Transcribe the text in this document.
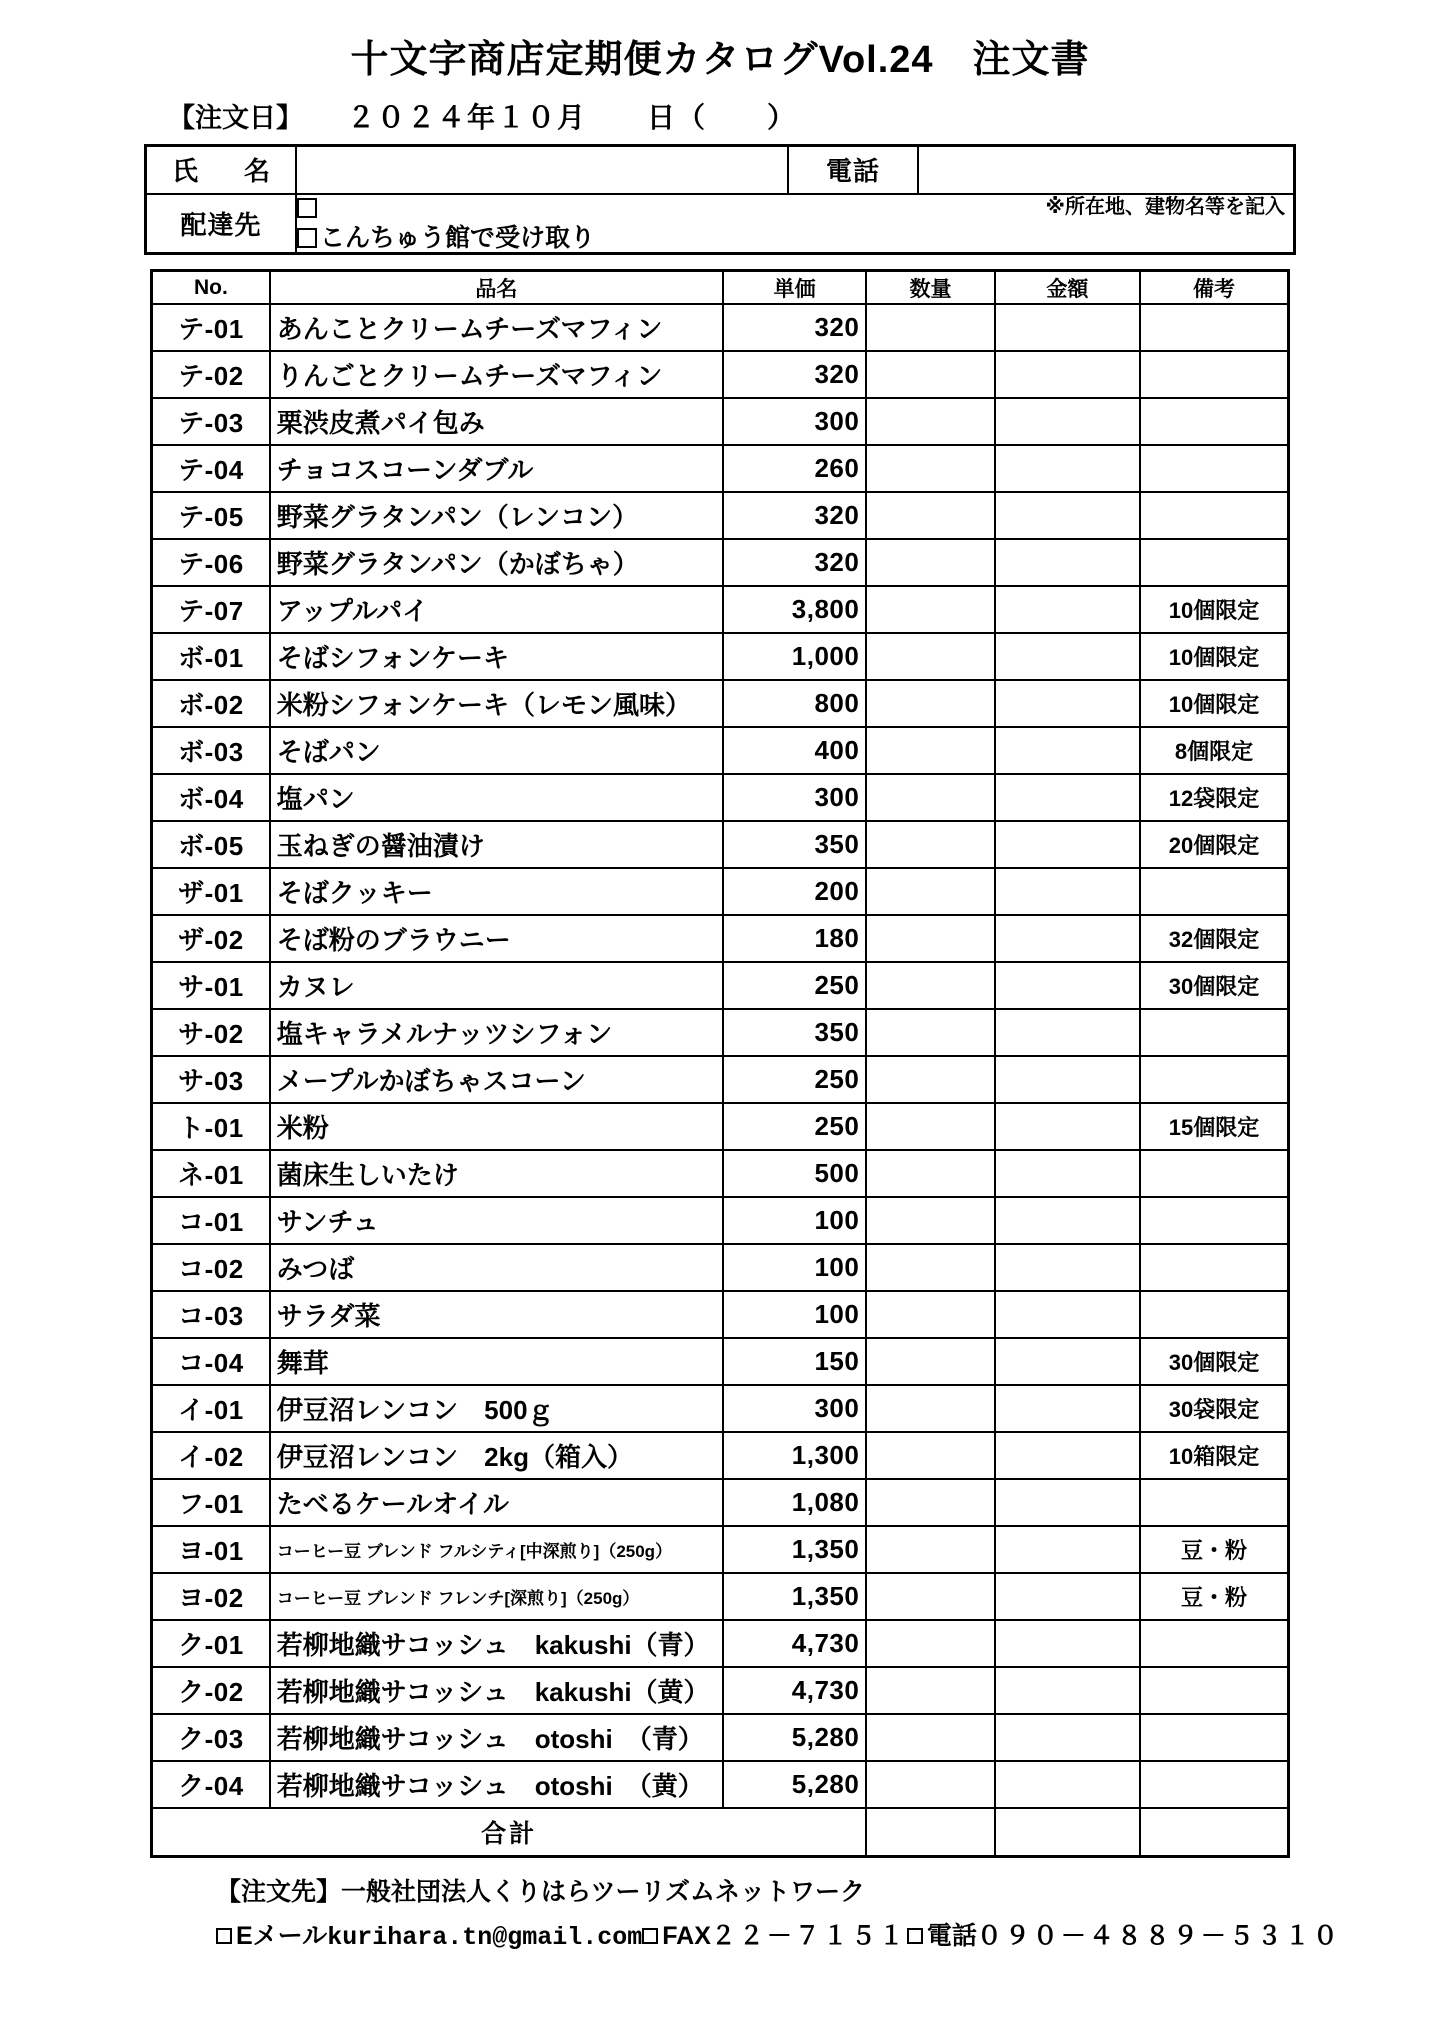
十文字商店定期便カタログVol.24　注文書
【注文日】 ２０２４年１０月　　日（　　）
氏　名		電話	
配達先	※所在地、建物名等を記入
こんちゅう館で受け取り		
No.	品名	単価	数量	金額	備考
テ-01	あんことクリームチーズマフィン	320			
テ-02	りんごとクリームチーズマフィン	320			
テ-03	栗渋皮煮パイ包み	300			
テ-04	チョコスコーンダブル	260			
テ-05	野菜グラタンパン（レンコン）	320			
テ-06	野菜グラタンパン（かぼちゃ）	320			
テ-07	アップルパイ	3,800			10個限定
ボ-01	そばシフォンケーキ	1,000			10個限定
ボ-02	米粉シフォンケーキ（レモン風味）	800			10個限定
ボ-03	そばパン	400			8個限定
ボ-04	塩パン	300			12袋限定
ボ-05	玉ねぎの醤油漬け	350			20個限定
ザ-01	そばクッキー	200			
ザ-02	そば粉のブラウニー	180			32個限定
サ-01	カヌレ	250			30個限定
サ-02	塩キャラメルナッツシフォン	350			
サ-03	メープルかぼちゃスコーン	250			
ト-01	米粉	250			15個限定
ネ-01	菌床生しいたけ	500			
コ-01	サンチュ	100			
コ-02	みつば	100			
コ-03	サラダ菜	100			
コ-04	舞茸	150			30個限定
イ-01	伊豆沼レンコン　500ｇ	300			30袋限定
イ-02	伊豆沼レンコン　2kg（箱入）	1,300			10箱限定
フ-01	たべるケールオイル	1,080			
ヨ-01	コーヒー豆 ブレンド フルシティ[中深煎り]（250g）	1,350			豆・粉
ヨ-02	コーヒー豆 ブレンド フレンチ[深煎り]（250g）	1,350			豆・粉
ク-01	若柳地織サコッシュ　kakushi（青）	4,730			
ク-02	若柳地織サコッシュ　kakushi（黄）	4,730			
ク-03	若柳地織サコッシュ　otoshi　（青）	5,280			
ク-04	若柳地織サコッシュ　otoshi　（黄）	5,280			
合計					
【注文先】一般社団法人くりはらツーリズムネットワーク
Eメール kurihara.tn@gmail.com FAX ２２－７１５１ 電話 ０９０－４８８９－５３１０
